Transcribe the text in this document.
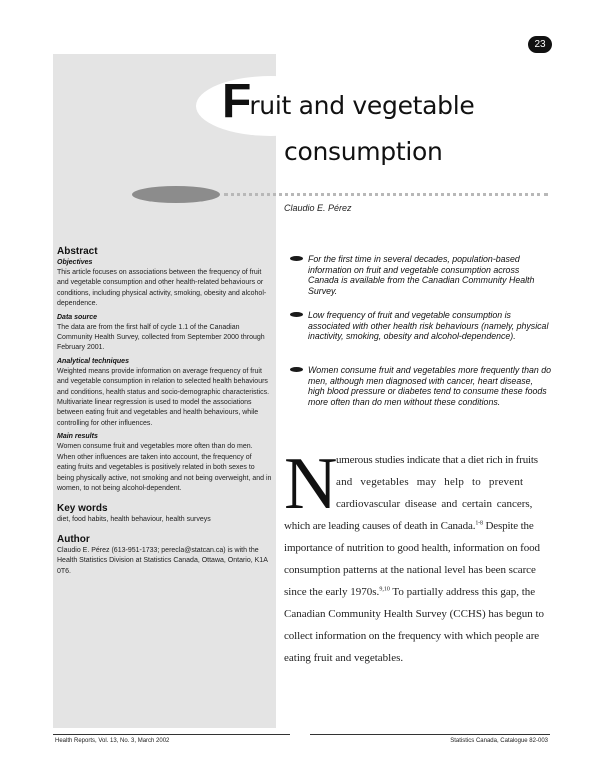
23
Fruit and vegetable
consumption
Claudio E. Pérez

Abstract

Objectives

This article focuses on associations between the frequency of fruit and vegetable consumption and other health-related behaviours or conditions, including physical activity, smoking, obesity and alcohol-dependence.

Data source

The data are from the first half of cycle 1.1 of the Canadian Community Health Survey, collected from September 2000 through February 2001.

Analytical techniques

Weighted means provide information on average frequency of fruit and vegetable consumption in relation to selected health behaviours and conditions, health status and socio-demographic characteristics. Multivariate linear regression is used to model the associations between eating fruit and vegetables and health behaviours, while controlling for other influences.

Main results

Women consume fruit and vegetables more often than do men. When other influences are taken into account, the frequency of eating fruits and vegetables is positively related in both sexes to being physically active, not smoking and not being overweight, and in women, to not being alcohol-dependent.

Key words

diet, food habits, health behaviour, health surveys

Author

Claudio E. Pérez (613-951-1733; perecla@statcan.ca) is with the Health Statistics Division at Statistics Canada, Ottawa, Ontario, K1A 0T6.

For the first time in several decades, population-based information on fruit and vegetable consumption across Canada is available from the Canadian Community Health Survey.

Low frequency of fruit and vegetable consumption is associated with other health risk behaviours (namely, physical inactivity, smoking, obesity and alcohol-dependence).

Women consume fruit and vegetables more frequently than do men, although men diagnosed with cancer, heart disease, high blood pressure or diabetes tend to consume these foods more often than do men without these conditions.

N
umerous studies indicate that a diet rich in fruits
and vegetables may help to prevent
cardiovascular disease and certain cancers,
which are leading causes of death in Canada.$^{1-8}$ Despite the
importance of nutrition to good health, information on food
consumption patterns at the national level has been scarce
since the early 1970s.$^{9,10}$ To partially address this gap, the
Canadian Community Health Survey (CCHS) has begun to
collect information on the frequency with which people are
eating fruit and vegetables.
Health Reports, Vol. 13, No. 3, March 2002	Statistics Canada, Catalogue 82-003
